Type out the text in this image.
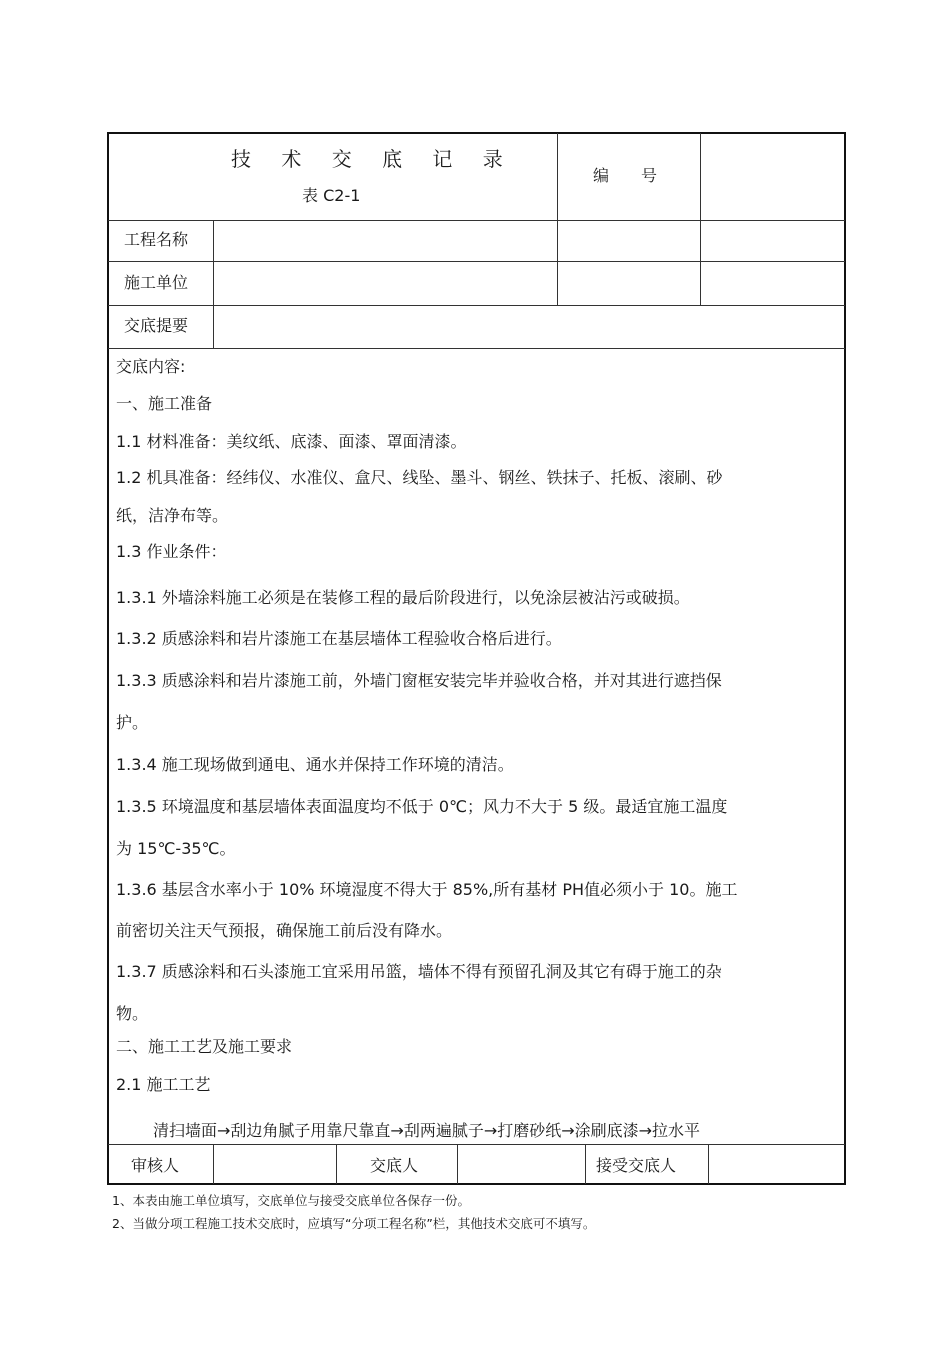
技 术 交 底 记 录
表 C2-1
编　　号
工程名称
施工单位
交底提要
交底内容:
一、施工准备
1.1 材料准备：美纹纸、底漆、面漆、罩面清漆。
1.2 机具准备：经纬仪、水准仪、盒尺、线坠、墨斗、钢丝、铁抹子、托板、滚刷、砂
纸，洁净布等。
1.3 作业条件：
1.3.1 外墙涂料施工必须是在装修工程的最后阶段进行，以免涂层被沾污或破损。
1.3.2 质感涂料和岩片漆施工在基层墙体工程验收合格后进行。
1.3.3 质感涂料和岩片漆施工前，外墙门窗框安装完毕并验收合格，并对其进行遮挡保
护。
1.3.4 施工现场做到通电、通水并保持工作环境的清洁。
1.3.5 环境温度和基层墙体表面温度均不低于 0℃；风力不大于 5 级。最适宜施工温度
为 15℃-35℃。
1.3.6 基层含水率小于 10% 环境湿度不得大于 85%,所有基材 PH值必须小于 10。施工
前密切关注天气预报，确保施工前后没有降水。
1.3.7 质感涂料和石头漆施工宜采用吊篮，墙体不得有预留孔洞及其它有碍于施工的杂
物。
二、施工工艺及施工要求
2.1 施工工艺
清扫墙面→刮边角腻子用靠尺靠直→刮两遍腻子→打磨砂纸→涂刷底漆→拉水平
审核人	交底人	接受交底人
1、本表由施工单位填写，交底单位与接受交底单位各保存一份。
2、当做分项工程施工技术交底时，应填写“分项工程名称”栏，其他技术交底可不填写。
